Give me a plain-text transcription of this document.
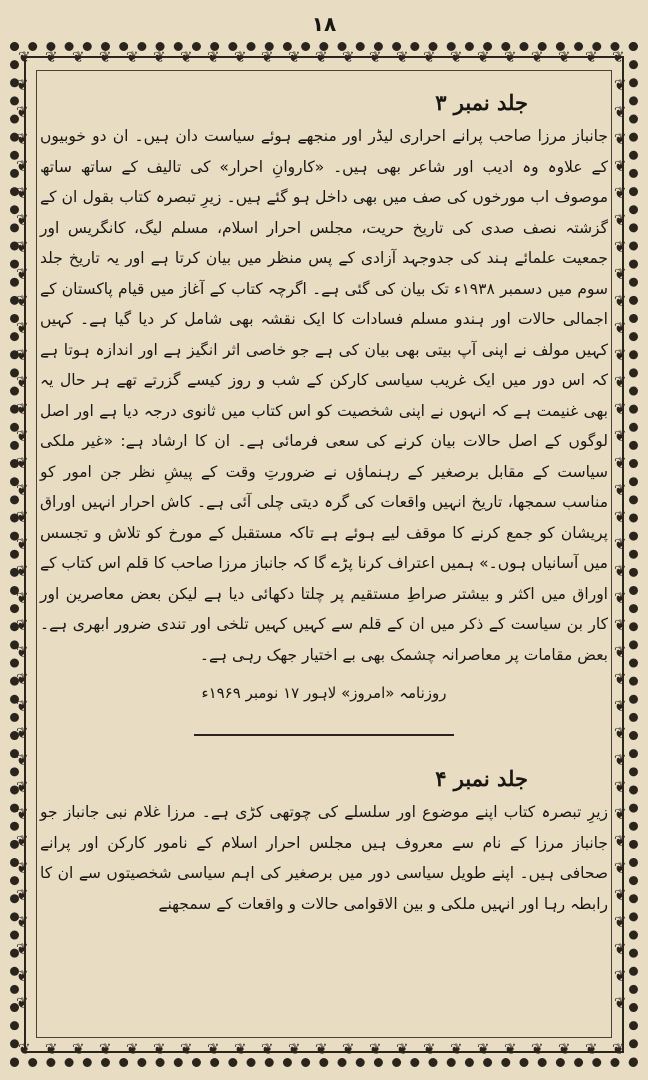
١٨
❦
❦
❦
❦
❦
❦
❦
❦
❦
❦
❦
❦
❦
❦
❦
❦
❦
❦
❦
❦
❦
❦
❦
❦
❦
❦
❦
❦
❦
❦
❦
❦
❦
❦
❦
❦
❦
❦
❦
❦
❦
❦
❦
❦
❦
❦
❦	❦
❦	❦
❦	❦
❦	❦
❦	❦
❦	❦
❦	❦
❦	❦
❦	❦
❦	❦
❦	❦
❦	❦
❦	❦
❦	❦
❦	❦
❦	❦
❦	❦
❦	❦
❦	❦
❦	❦
❦	❦
❦	❦
❦	❦
❦	❦
❦	❦
❦	❦
❦	❦
❦	❦
❦	❦
❦	❦
❦	❦
❦	❦
❦	❦
❦	❦
❦	❦
جلد نمبر ۳

جانباز مرزا صاحب پرانے احراری لیڈر اور منجھے ہوئے سیاست دان ہیں۔ ان دو خوبیوں کے علاوہ وہ ادیب اور شاعر بھی ہیں۔ «کاروانِ احرار» کی تالیف کے ساتھ ساتھ موصوف اب مورخوں کی صف میں بھی داخل ہو گئے ہیں۔ زیرِ تبصرہ کتاب بقول ان کے گزشتہ نصف صدی کی تاریخ حریت، مجلس احرار اسلام، مسلم لیگ، کانگریس اور جمعیت علمائے ہند کی جدوجہد آزادی کے پس منظر میں بیان کرتا ہے اور یہ تاریخ جلد سوم میں دسمبر ۱۹۳۸ء تک بیان کی گئی ہے۔ اگرچہ کتاب کے آغاز میں قیام پاکستان کے اجمالی حالات اور ہندو مسلم فسادات کا ایک نقشہ بھی شامل کر دیا گیا ہے۔ کہیں کہیں مولف نے اپنی آپ بیتی بھی بیان کی ہے جو خاصی اثر انگیز ہے اور اندازہ ہوتا ہے کہ اس دور میں ایک غریب سیاسی کارکن کے شب و روز کیسے گزرتے تھے ہر حال یہ بھی غنیمت ہے کہ انہوں نے اپنی شخصیت کو اس کتاب میں ثانوی درجہ دیا ہے اور اصل لوگوں کے اصل حالات بیان کرنے کی سعی فرمائی ہے۔ ان کا ارشاد ہے: «غیر ملکی سیاست کے مقابل برصغیر کے رہنماؤں نے ضرورتِ وقت کے پیشِ نظر جن امور کو مناسب سمجھا، تاریخ انہیں واقعات کی گرہ دیتی چلی آئی ہے۔ کاش احرار انہیں اوراق پریشان کو جمع کرنے کا موقف لیے ہوئے ہے تاکہ مستقبل کے مورخ کو تلاش و تجسس میں آسانیاں ہوں۔» ہمیں اعتراف کرنا پڑے گا کہ جانباز مرزا صاحب کا قلم اس کتاب کے اوراق میں اکثر و بیشتر صراطِ مستقیم پر چلتا دکھائی دیا ہے لیکن بعض معاصرین اور کار بن سیاست کے ذکر میں ان کے قلم سے کہیں کہیں تلخی اور تندی ضرور ابھری ہے۔ بعض مقامات پر معاصرانہ چشمک بھی بے اختیار جھک رہی ہے۔

روزنامہ «امروز» لاہور ۱۷ نومبر ۱۹۶۹ء

جلد نمبر ۴

زیرِ تبصرہ کتاب اپنے موضوع اور سلسلے کی چوتھی کڑی ہے۔ مرزا غلام نبی جانباز جو جانباز مرزا کے نام سے معروف ہیں مجلس احرار اسلام کے نامور کارکن اور پرانے صحافی ہیں۔ اپنے طویل سیاسی دور میں برصغیر کی اہم سیاسی شخصیتوں سے ان کا رابطہ رہا اور انہیں ملکی و بین الاقوامی حالات و واقعات کے سمجھنے
